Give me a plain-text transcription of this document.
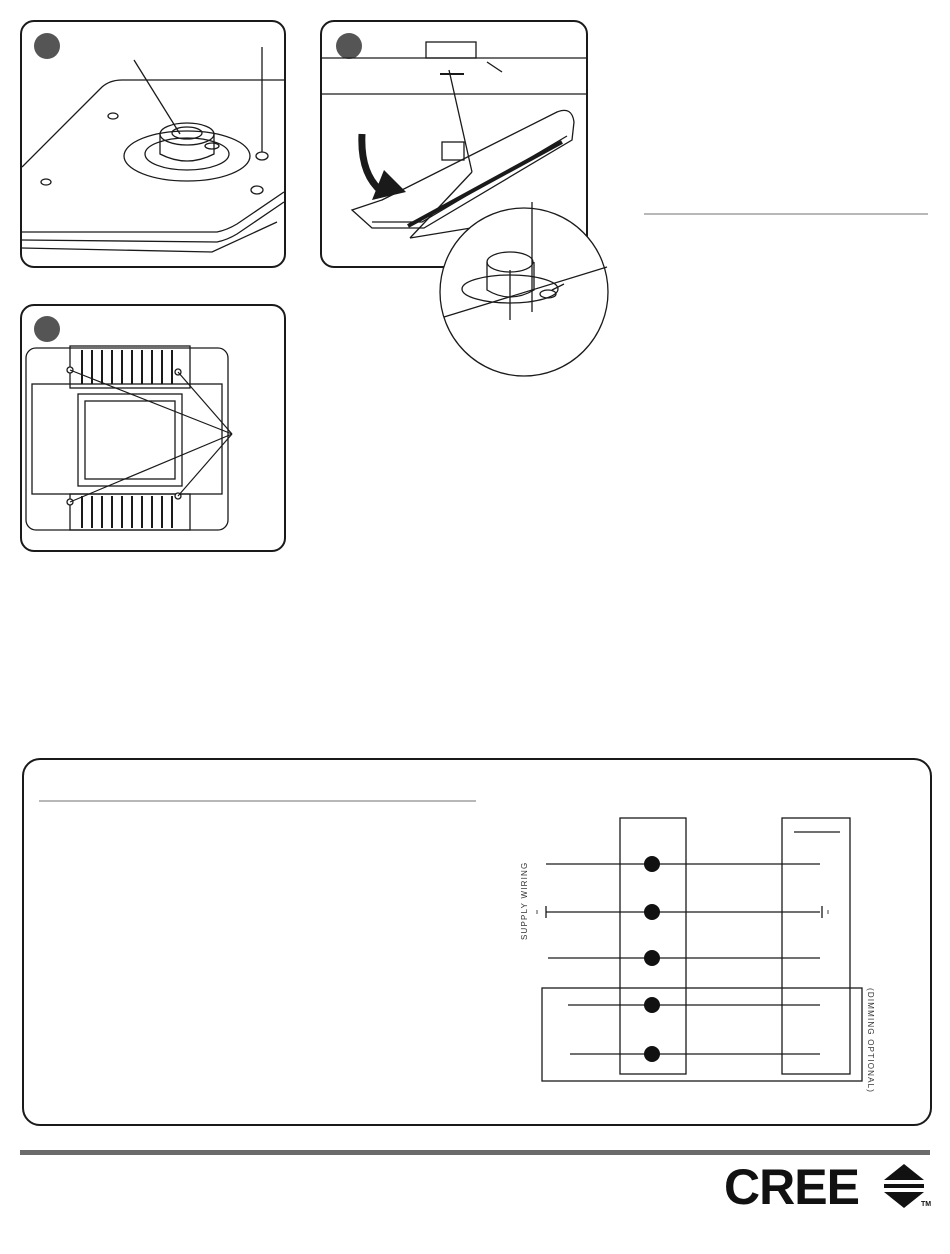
SUPPLY WIRING
(DIMMING OPTIONAL)
CREE	TM
